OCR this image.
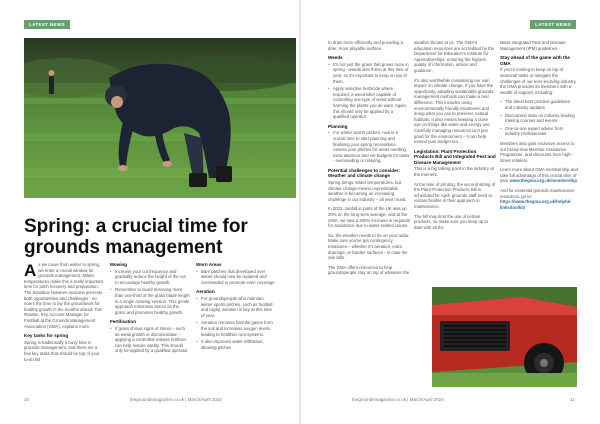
LATEST NEWS	LATEST NEWS
Spring: a crucial time for grounds management

As we move from winter to spring, we enter a crucial window for grounds management. Milder temperatures make this a really important time for pitch recovery and preparation. The transition between seasons presents both opportunities and challenges - so now's the time to lay the groundwork for healthy growth in the months ahead. Tom Rowlan, Key Account Manager for Football at the Grounds Management Association (GMA), explains more.

Key tasks for spring

Spring is traditionally a busy time in grounds management, and there are a few key tasks that should be top of your to-do list

Mowing
• Increase your cut frequency and gradually reduce the height of the cut to encourage healthy growth.
• Remember to avoid removing more than one-third of the grass blade length in a single mowing session. This gentle approach minimises stress on the grass and promotes healthy growth.
Fertilisation
• If grass shows signs of stress – such as weak growth or discolouration – applying a controlled-release fertiliser can help restore vitality. This should only be applied by a qualified operator.
Worn Areas
• Bare patches that developed over winter should now be repaired and overseeded to promote even coverage.
Aeration
• For groundspeople who maintain winter sports pitches, such as football and rugby, aeration is key at this time of year.
• Aeration removes harmful gases from the soil and increases oxygen levels, leading to healthier root systems.
• It also improves water infiltration, allowing pitches

to drain more efficiently and providing a drier, more playable surface.

Weeds
• It's not just the grass that grows more in spring - weeds also thrive at this time of year, so it's important to keep on top of them.
• Apply selective herbicide where required, a weed killer capable of controlling one type of weed without harming the plants you do want. Again, this should only be applied by a qualified operator.
Planning
• For winter sports pitches, now is a crucial time to start planning and finalising your spring renovations. Assess your pitches for areas needing extra attention and set budgets for tasks - overseeding or relaying.
Potential challenges to consider: Weather and climate change

Spring brings milder temperatures, but climate change means unpredictable weather is becoming an increasing challenge in our industry – all year round.

In 2023, rainfall in parts of the UK was up 20% on the long-term average, and at the GMA, we saw a 200% increase in requests for assistance due to water-related issues.

So, the weather needs to be on your radar. Make sure you've got contingency measures – whether it's aeration, extra drainage, or hardier surfaces - in case the rain falls.

The GMA offers resources to help groundspeople stay on top of whatever the

weather throws at us. The GMA's education resources are accredited by the Department for Education's Institute for Apprenticeships, ensuring the highest quality of information, advice and guidance.

It's also worthwhile considering our own impact on climate change, if you have the opportunity, adopting sustainable grounds management methods can make a real difference. This includes using environmentally friendly treatments and doing what you can to preserve natural habitats. It also means keeping a close eye on things like water and energy use. Carefully managing resources isn't just good for the environment – it can help extend your budget too.

Legislation: Plant Protection Products Bill and Integrated Pest and Disease Management

This is a big talking point in the industry at the moment.

At the time of printing, the second sitting of the Plant Protection Products Bill is scheduled for April; grounds staff need to remain flexible in their approach to maintenance.

The bill may limit the use of certain products, so make sure you keep up to date with all the

latest Integrated Pest and Disease Management (IPM) guidelines.

Stay ahead of the game with the GMA

If you're looking to keep on top of seasonal tasks or navigate the challenges of our ever-evolving industry, the GMA provides its members with a wealth of support, including:

• The latest best practice guidelines and industry updates
• Discounted rates on industry-leading training courses and events
• One-to-one expert advice from industry professionals

Members also gain exclusive access to our brand-new Member Assistance Programme, and discounts from high-street retailers.

Learn more about GMA membership and take full advantage of this crucial time of year www.thegma.org.uk/membership

And for essential grounds maintenance resources, go to: https://www.thegma.org.uk/helpful-links/toolkit/

10	thegroundsmagazine.co.uk | March/April 2024	thegroundsmagazine.co.uk | March/April 2024	11
